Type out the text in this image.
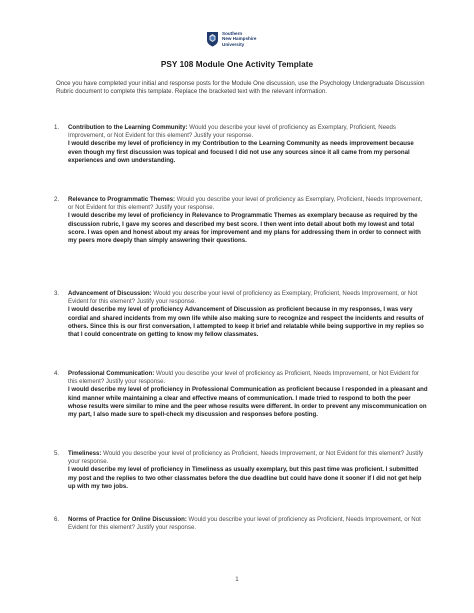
Southern
New Hampshire
University
PSY 108 Module One Activity Template
Once you have completed your initial and response posts for the Module One discussion, use the Psychology Undergraduate Discussion Rubric document to complete this template. Replace the bracketed text with the relevant information.
1. Contribution to the Learning Community: Would you describe your level of proficiency as Exemplary, Proficient, Needs Improvement, or Not Evident for this element? Justify your response.
I would describe my level of proficiency in my Contribution to the Learning Community as needs improvement because even though my first discussion was topical and focused I did not use any sources since it all came from my personal experiences and own understanding.
2. Relevance to Programmatic Themes: Would you describe your level of proficiency as Exemplary, Proficient, Needs Improvement, or Not Evident for this element? Justify your response.
I would describe my level of proficiency in Relevance to Programmatic Themes as exemplary because as required by the discussion rubric, I gave my scores and described my best score. I then went into detail about both my lowest and total score. I was open and honest about my areas for improvement and my plans for addressing them in order to connect with my peers more deeply than simply answering their questions.
3. Advancement of Discussion: Would you describe your level of proficiency as Exemplary, Proficient, Needs Improvement, or Not Evident for this element? Justify your response.
I would describe my level of proficiency Advancement of Discussion as proficient because in my responses, I was very cordial and shared incidents from my own life while also making sure to recognize and respect the incidents and results of others. Since this is our first conversation, I attempted to keep it brief and relatable while being supportive in my replies so that I could concentrate on getting to know my fellow classmates.
4. Professional Communication: Would you describe your level of proficiency as Proficient, Needs Improvement, or Not Evident for this element? Justify your response.
I would describe my level of proficiency in Professional Communication as proficient because I responded in a pleasant and kind manner while maintaining a clear and effective means of communication. I made tried to respond to both the peer whose results were similar to mine and the peer whose results were different. In order to prevent any miscommunication on my part, I also made sure to spell-check my discussion and responses before posting.
5. Timeliness: Would you describe your level of proficiency as Proficient, Needs Improvement, or Not Evident for this element? Justify your response.
I would describe my level of proficiency in Timeliness as usually exemplary, but this past time was proficient. I submitted my post and the replies to two other classmates before the due deadline but could have done it sooner if I did not get help up with my two jobs.
6. Norms of Practice for Online Discussion: Would you describe your level of proficiency as Proficient, Needs Improvement, or Not Evident for this element? Justify your response.
1
